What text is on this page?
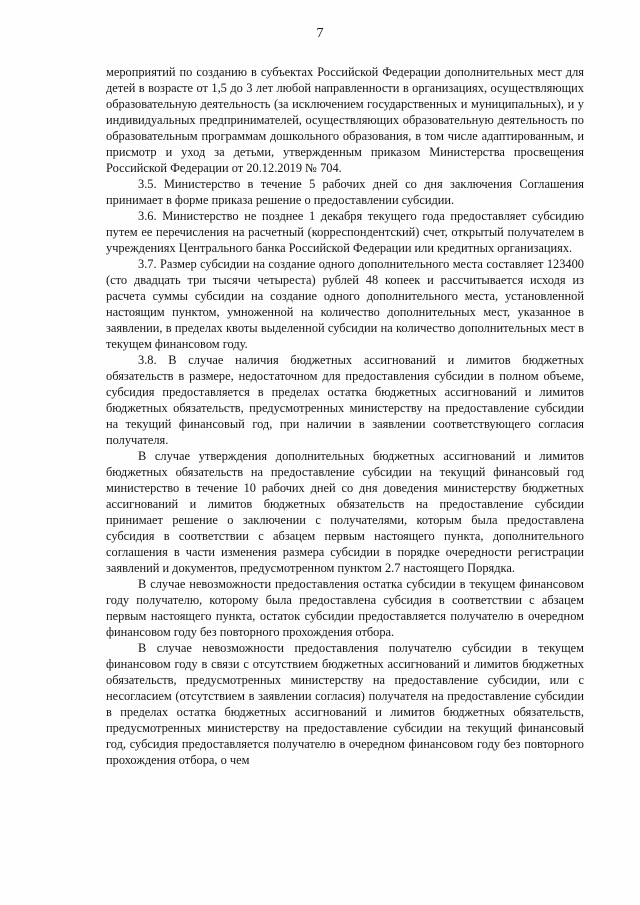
7

мероприятий по созданию в субъектах Российской Федерации дополнительных мест для детей в возрасте от 1,5 до 3 лет любой направленности в организациях, осуществляющих образовательную деятельность (за исключением государственных и муниципальных), и у индивидуальных предпринимателей, осуществляющих образовательную деятельность по образовательным программам дошкольного образования, в том числе адаптированным, и присмотр и уход за детьми, утвержденным приказом Министерства просвещения Российской Федерации от 20.12.2019 № 704.

3.5. Министерство в течение 5 рабочих дней со дня заключения Соглашения принимает в форме приказа решение о предоставлении субсидии.

3.6. Министерство не позднее 1 декабря текущего года предоставляет субсидию путем ее перечисления на расчетный (корреспондентский) счет, открытый получателем в учреждениях Центрального банка Российской Федерации или кредитных организациях.

3.7. Размер субсидии на создание одного дополнительного места составляет 123400 (сто двадцать три тысячи четыреста) рублей 48 копеек и рассчитывается исходя из расчета суммы субсидии на создание одного дополнительного места, установленной настоящим пунктом, умноженной на количество дополнительных мест, указанное в заявлении, в пределах квоты выделенной субсидии на количество дополнительных мест в текущем финансовом году.

3.8. В случае наличия бюджетных ассигнований и лимитов бюджетных обязательств в размере, недостаточном для предоставления субсидии в полном объеме, субсидия предоставляется в пределах остатка бюджетных ассигнований и лимитов бюджетных обязательств, предусмотренных министерству на предоставление субсидии на текущий финансовый год, при наличии в заявлении соответствующего согласия получателя.

В случае утверждения дополнительных бюджетных ассигнований и лимитов бюджетных обязательств на предоставление субсидии на текущий финансовый год министерство в течение 10 рабочих дней со дня доведения министерству бюджетных ассигнований и лимитов бюджетных обязательств на предоставление субсидии принимает решение о заключении с получателями, которым была предоставлена субсидия в соответствии с абзацем первым настоящего пункта, дополнительного соглашения в части изменения размера субсидии в порядке очередности регистрации заявлений и документов, предусмотренном пунктом 2.7 настоящего Порядка.

В случае невозможности предоставления остатка субсидии в текущем финансовом году получателю, которому была предоставлена субсидия в соответствии с абзацем первым настоящего пункта, остаток субсидии предоставляется получателю в очередном финансовом году без повторного прохождения отбора.

В случае невозможности предоставления получателю субсидии в текущем финансовом году в связи с отсутствием бюджетных ассигнований и лимитов бюджетных обязательств, предусмотренных министерству на предоставление субсидии, или с несогласием (отсутствием в заявлении согласия) получателя на предоставление субсидии в пределах остатка бюджетных ассигнований и лимитов бюджетных обязательств, предусмотренных министерству на предоставление субсидии на текущий финансовый год, субсидия предоставляется получателю в очередном финансовом году без повторного прохождения отбора, о чем
